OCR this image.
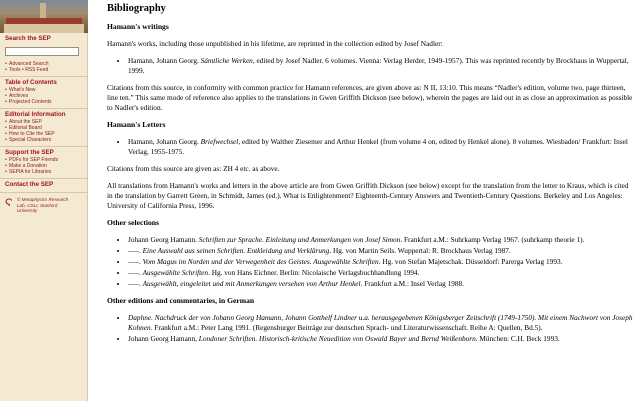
Search the SEP
• Advanced Search
• Tools • RSS Feed
Table of Contents
• What's New
• Archives
• Projected Contents
Editorial Information
• About the SEP
• Editorial Board
• How to Cite the SEP
• Special Characters
Support the SEP
• PDFs for SEP Friends
• Make a Donation
• SEPIA for Libraries
Contact the SEP
Ϛ © Metaphysics Research
Lab, CSLI, Stanford
University
Bibliography
Hamann's writings

Hamann's works, including those unpublished in his lifetime, are reprinted in the collection edited by Josef Nadler:

• Hamann, Johann Georg. Sämtliche Werken, edited by Josef Nadler. 6 volumes. Vienna: Verlag Herder, 1949-1957). This was reprinted recently by Brockhaus in Wuppertal, 1999.

Citations from this source, in conformity with common practice for Hamann references, are given above as: N II, 13:10. This means “Nadler's edition, volume two, page thirteen, line ten.” This same mode of reference also applies to the translations in Gwen Griffith Dickson (see below), wherein the pages are laid out in as close an approximation as possible to Nadler's edition.

Hamann's Letters
• Hamann, Johann Georg. Briefwechsel, edited by Walther Ziesemer and Arthur Henkel (from volume 4 on, edited by Henkel alone). 8 volumes. Wiesbaden/ Frankfurt: Insel Verlag, 1955-1975.

Citations from this source are given as: ZH 4 etc. as above.

All translations from Hamann's works and letters in the above article are from Gwen Griffith Dickson (see below) except for the translation from the letter to Kraus, which is cited in the translation by Garrett Green, in Schmidt, James (ed.). What is Enlightenment? Eighteenth-Century Answers and Twentieth-Century Questions. Berkeley and Los Angeles: University of California Press, 1996.

Other selections
• Johann Georg Hamann. Schriften zur Sprache. Einleitung und Anmerkungen von Josef Simon. Frankfurt a.M.: Suhrkamp Verlag 1967. (suhrkamp theorie 1).
• —–. Eine Auswahl aus seinen Schriften. Entkleidung und Verklärung. Hg. von Martin Seils. Wuppertal: R. Brockhaus Verlag 1987.
• —–. Vom Magus im Norden und der Verwegenheit des Geistes. Ausgewählte Schriften. Hg. von Stefan Majetschak. Düsseldorf: Parerga Verlag 1993.
• —–. Ausgewählte Schriften. Hg. von Hans Eichner. Berlin: Nicolaische Verlagsbuchhandlung 1994.
• —–. Ausgewählt, eingeleitet und mit Anmerkungen versehen von Arthur Henkel. Frankfurt a.M.: Insel Verlag 1988.
Other editions and commentaries, in German
• Daphne. Nachdruck der von Johann Georg Hamann, Johann Gotthelf Lindner u.a. herausgegebenen Königsberger Zeitschrift (1749-1750). Mit einem Nachwort von Joseph Kohnen. Frankfurt a.M.: Peter Lang 1991. (Regensburger Beiträge zur deutschen Sprach- und Literaturwissenschaft. Reihe A: Quellen, Bd.5).
• Johann Georg Hamann, Londoner Schriften. Historisch-kritische Neuedition von Oswald Bayer und Bernd Weißenborn. München: C.H. Beck 1993.
